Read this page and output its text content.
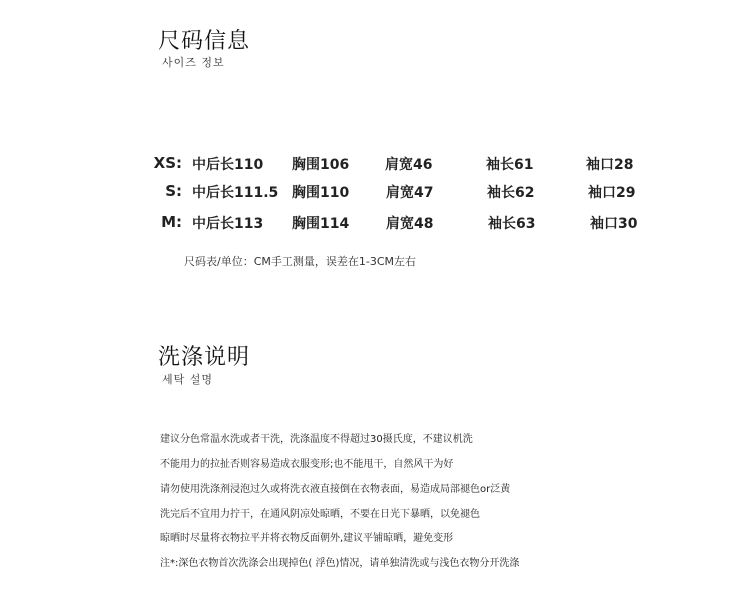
尺码信息
사이즈 정보
XS: 中后长110 胸围106	肩宽46	袖长61	袖口28
S: 中后长111.5 胸围110	肩宽47	袖长62	袖口29
M: 中后长113 胸围114	肩宽48	袖长63	袖口30
尺码表/单位：CM手工测量，误差在1-3CM左右
洗涤说明
세탁 설명
建议分色常温水洗或者干洗，洗涤温度不得超过30摄氏度，不建议机洗
不能用力的拉扯否则容易造成衣服变形;也不能甩干，自然风干为好
请勿使用洗涤剂浸泡过久或将洗衣液直接倒在衣物表面，易造成局部褪色or泛黄
洗完后不宜用力拧干，在通风阴凉处晾晒，不要在日光下暴晒，以免褪色
晾晒时尽量将衣物拉平并将衣物反面朝外,建议平铺晾晒，避免变形
注*:深色衣物首次洗涤会出现掉色( 浮色)情况，请单独清洗或与浅色衣物分开洗涤
